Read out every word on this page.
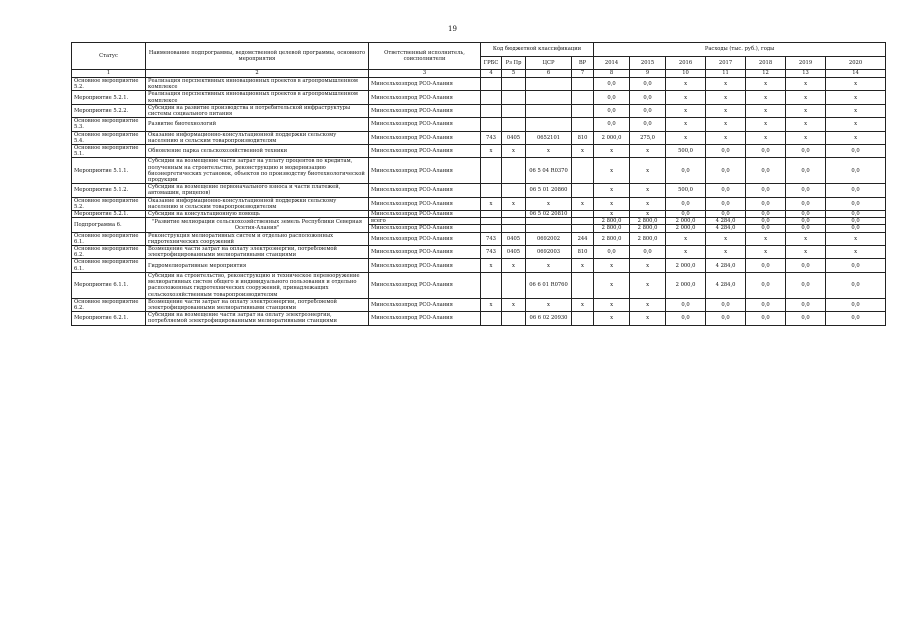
19
Статус	Наименование подпрограммы, ведомственной целевой программы, основного мероприятия	Ответственный исполнитель, соисполнители	Код бюджетной классификации				Расходы (тыс. руб.), годы						
			ГРБС	Рз Пр	ЦСР	ВР	2014	2015	2016	2017	2018	2019	2020
1	2	3	4	5	6	7	8	9	10	11	12	13	14
Основное мероприятие 5.2.	Реализация перспективных инновационных проектов в агропромышленном комплексе	Минсельхозпрод РСО-Алания					0,0	0,0	x	x	x	x	x
Мероприятие 5.2.1.	Реализация перспективных инновационных проектов в агропромышленном комплексе	Минсельхозпрод РСО-Алания					0,0	0,0	x	x	x	x	x
Мероприятие 5.2.2.	Субсидии на развитие производства и потребительской инфраструктуры системы социального питания	Минсельхозпрод РСО-Алания					0,0	0,0	x	x	x	x	x
Основное мероприятие 5.3.	Развитие биотехнологий	Минсельхозпрод РСО-Алания					0,0	0,0	x	x	x	x	x
Основное мероприятие 5.4.	Оказание информационно-консультационной поддержки сельскому населению и сельским товаропроизводителям	Минсельхозпрод РСО-Алания	743	0405	0652101	810	2 000,0	275,0	x	x	x	x	x
Основное мероприятие 5.1.	Обновление парка сельскохозяйственной техники	Минсельхозпрод РСО-Алания	x	x	x	x	x	x	500,0	0,0	0,0	0,0	0,0
Мероприятие 5.1.1.	Субсидии на возмещение части затрат на уплату процентов по кредитам, полученным на строительство, реконструкцию и модернизацию биоэнергетических установок, объектов по производству биотехнологической продукции	Минсельхозпрод РСО-Алания			06 5 04 R0370		x	x	0,0	0,0	0,0	0,0	0,0
Мероприятие 5.1.2.	Субсидии на возмещение первоначального взноса и части платежей, автомашин, прицепов)	Минсельхозпрод РСО-Алания			06 5 01 20860		x	x	500,0	0,0	0,0	0,0	0,0
Основное мероприятие 5.2.	Оказание информационно-консультационной поддержки сельскому населению и сельским товаропроизводителям	Минсельхозпрод РСО-Алания	x	x	x	x	x	x	0,0	0,0	0,0	0,0	0,0
Мероприятие 5.2.1.	Субсидии на консультационную помощь	Минсельхозпрод РСО-Алания			06 5 02 20810		x	x	0,0	0,0	0,0	0,0	0,0
Подпрограмма 6.	"Развитие мелиорации сельскохозяйственных земель Республики Северная Осетия-Алания"	всего					2 800,0	2 800,0	2 000,0	4 284,0	0,0	0,0	0,0
		Минсельхозпрод РСО-Алания					2 800,0	2 800,0	2 000,0	4 284,0	0,0	0,0	0,0
Основное мероприятие 6.1.	Реконструкция мелиоративных систем и отдельно расположенных гидротехнических сооружений	Минсельхозпрод РСО-Алания	743	0405	0692002	244	2 800,0	2 800,0	x	x	x	x	x
Основное мероприятие 6.2.	Возмещение части затрат на оплату электроэнергии, потребляемой электрофицированными мелиоративными станциями	Минсельхозпрод РСО-Алания	743	0405	0692003	810	0,0	0,0	x	x	x	x	x
Основное мероприятие 6.1.	Гидромелиоративные мероприятия	Минсельхозпрод РСО-Алания	x	x	x	x	x	x	2 000,0	4 284,0	0,0	0,0	0,0
Мероприятие 6.1.1.	Субсидии на строительство, реконструкцию и техническое перевооружение мелиоративных систем общего и индивидуального пользования и отдельно расположенных гидротехнических сооружений, принадлежащих сельскохозяйственным товаропроизводителям	Минсельхозпрод РСО-Алания			06 6 01 R0760		x	x	2 000,0	4 284,0	0,0	0,0	0,0
Основное мероприятие 6.2.	Возмещение части затрат на оплату электроэнергии, потребляемой электрофицированными мелиоративными станциями	Минсельхозпрод РСО-Алания	x	x	x	x	x	x	0,0	0,0	0,0	0,0	0,0
Мероприятие 6.2.1.	Субсидии на возмещение части затрат на оплату электроэнергии, потребляемой электрофицированными мелиоративными станциями	Минсельхозпрод РСО-Алания			06 6 02 20930		x	x	0,0	0,0	0,0	0,0	0,0
